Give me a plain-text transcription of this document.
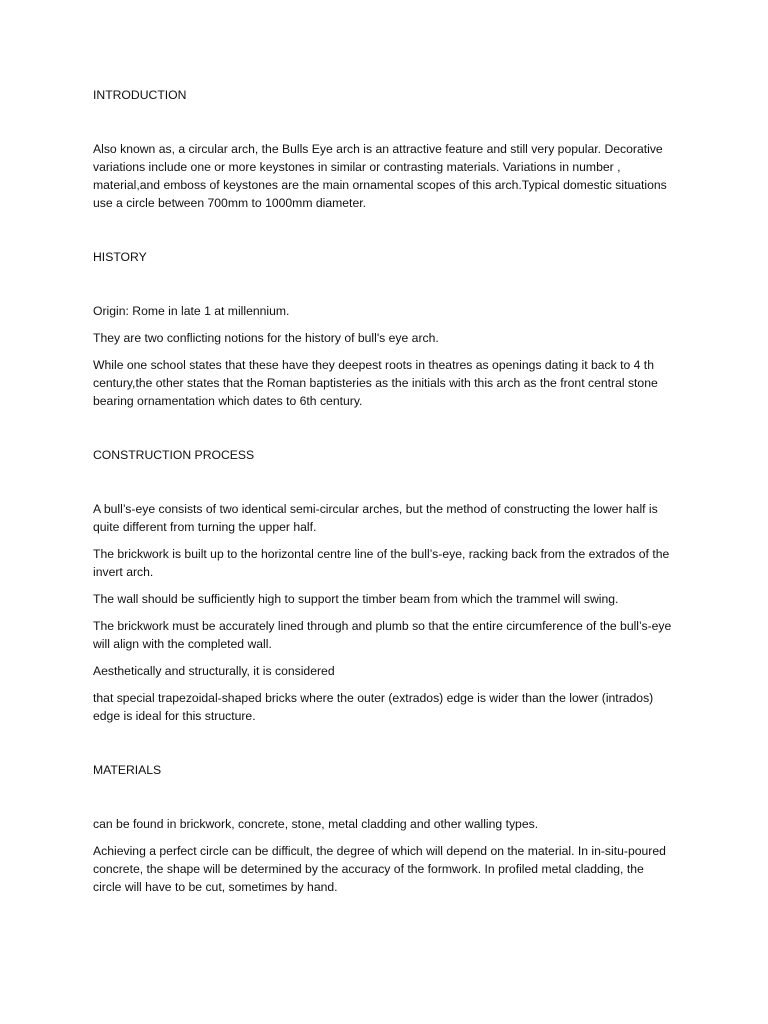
INTRODUCTION

Also known as, a circular arch, the Bulls Eye arch is an attractive feature and still very popular. Decorative variations include one or more keystones in similar or contrasting materials. Variations in number , material,and emboss of keystones are the main ornamental scopes of this arch.Typical domestic situations use a circle between 700mm to 1000mm diameter.

HISTORY

Origin: Rome in late 1 at millennium.

They are two conflicting notions for the history of bull's eye arch.

While one school states that these have they deepest roots in theatres as openings dating it back to 4 th century,the other states that the Roman baptisteries as the initials with this arch as the front central stone bearing ornamentation which dates to 6th century.

CONSTRUCTION PROCESS

A bull’s-eye consists of two identical semi-circular arches, but the method of constructing the lower half is quite different from turning the upper half.

The brickwork is built up to the horizontal centre line of the bull’s-eye, racking back from the extrados of the invert arch.

The wall should be sufficiently high to support the timber beam from which the trammel will swing.

The brickwork must be accurately lined through and plumb so that the entire circumference of the bull’s-eye will align with the completed wall.

Aesthetically and structurally, it is considered

that special trapezoidal-shaped bricks where the outer (extrados) edge is wider than the lower (intrados) edge is ideal for this structure.

MATERIALS

can be found in brickwork, concrete, stone, metal cladding and other walling types.

Achieving a perfect circle can be difficult, the degree of which will depend on the material. In in-situ-poured concrete, the shape will be determined by the accuracy of the formwork. In profiled metal cladding, the circle will have to be cut, sometimes by hand.
